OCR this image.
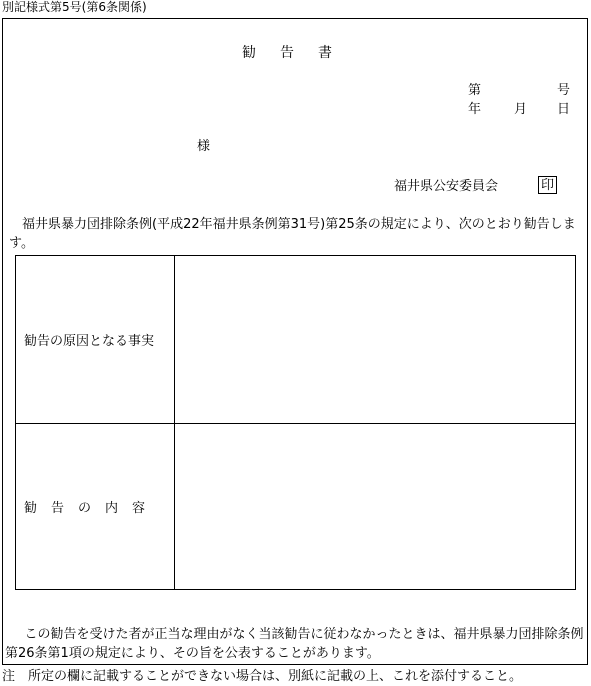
別記様式第5号(第6条関係)
勧告書
第	号
年	月 日
様
福井県公安委員会	印
福井県暴力団排除条例(平成22年福井県条例第31号)第25条の規定により、次のとおり勧告します。
勧告の原因となる事実
勧告の内容
この勧告を受けた者が正当な理由がなく当該勧告に従わなかったときは、福井県暴力団排除条例第26条第1項の規定により、その旨を公表することがあります。
注　所定の欄に記載することができない場合は、別紙に記載の上、これを添付すること。
